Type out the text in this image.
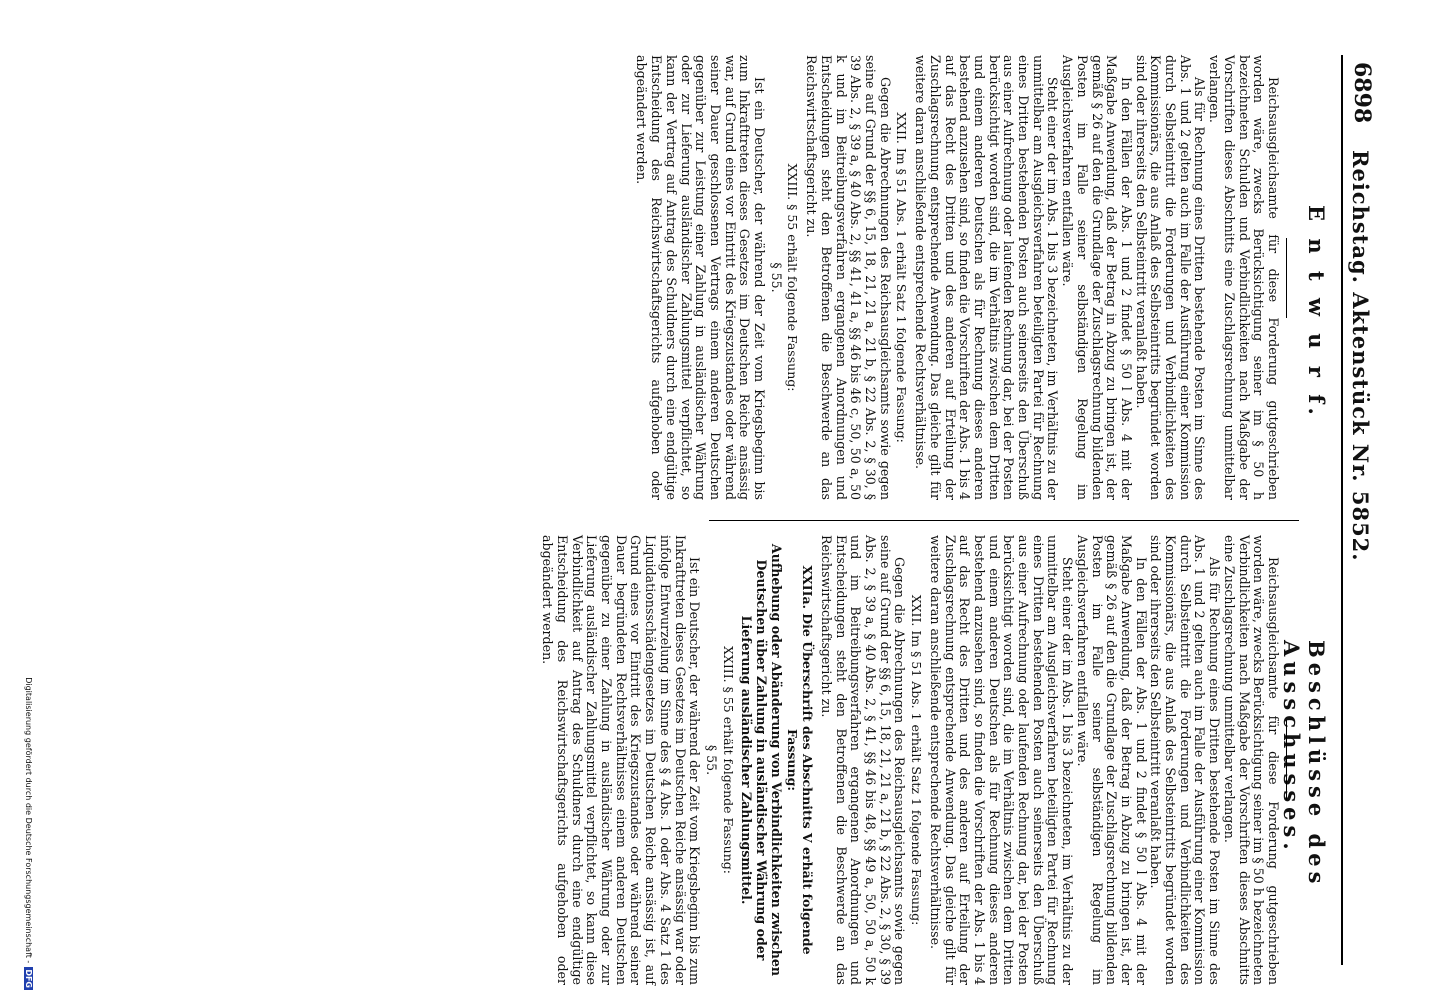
6898
Reichstag. Aktenstück Nr. 5852.
E n t w u r f.
Beschlüsse des Ausschusses.

Reichsausgleichsamte für diese Forderung gutgeschrieben worden wäre, zwecks Berücksichtigung seiner im § 50 h bezeichneten Schulden und Verbindlichkeiten nach Maßgabe der Vorschriften dieses Abschnitts eine Zuschlagsrechnung unmittelbar verlangen.

Als für Rechnung eines Dritten bestehende Posten im Sinne des Abs. 1 und 2 gelten auch im Falle der Ausführung einer Kommission durch Selbsteintritt die Forderungen und Verbindlichkeiten des Kommissionärs, die aus Anlaß des Selbsteintritts begründet worden sind oder ihrerseits den Selbsteintritt veranlaßt haben.

In den Fällen der Abs. 1 und 2 findet § 50 l Abs. 4 mit der Maßgabe Anwendung, daß der Betrag in Abzug zu bringen ist, der gemäß § 26 auf den die Grundlage der Zuschlagsrechnung bildenden Posten im Falle seiner selbständigen Regelung im Ausgleichsverfahren entfallen wäre.

Steht einer der im Abs. 1 bis 3 bezeichneten, im Verhältnis zu der unmittelbar am Ausgleichsverfahren beteiligten Partei für Rechnung eines Dritten bestehenden Posten auch seinerseits den Überschuß aus einer Aufrechnung oder laufenden Rechnung dar, bei der Posten berücksichtigt worden sind, die im Verhältnis zwischen dem Dritten und einem anderen Deutschen als für Rechnung dieses anderen bestehend anzusehen sind, so finden die Vorschriften der Abs. 1 bis 4 auf das Recht des Dritten und des anderen auf Erteilung der Zuschlagsrechnung entsprechende Anwendung. Das gleiche gilt für weitere daran anschließende entsprechende Rechtsverhältnisse.

XXII. Im § 51 Abs. 1 erhält Satz 1 folgende Fassung:

Gegen die Abrechnungen des Reichsausgleichsamts sowie gegen seine auf Grund der §§ 6, 15, 18, 21, 21 a, 21 b, § 22 Abs. 2, § 30, § 39 Abs. 2, § 39 a, § 40 Abs. 2, §§ 41, 41 a, §§ 46 bis 46 c, 50, 50 a, 50 k und im Beitreibungsverfahren ergangenen Anordnungen und Entscheidungen steht den Betroffenen die Beschwerde an das Reichswirtschaftsgericht zu.

XXIII. § 55 erhält folgende Fassung:

§ 55.

Ist ein Deutscher, der während der Zeit vom Kriegsbeginn bis zum Inkrafttreten dieses Gesetzes im Deutschen Reiche ansässig war, auf Grund eines vor Eintritt des Kriegszustandes oder während seiner Dauer geschlossenen Vertrags einem anderen Deutschen gegenüber zur Leistung einer Zahlung in ausländischer Währung oder zur Lieferung ausländischer Zahlungsmittel verpflichtet, so kann der Vertrag auf Antrag des Schuldners durch eine endgültige Entscheidung des Reichswirtschaftsgerichts aufgehoben oder abgeändert werden.

Reichsausgleichsamte für diese Forderung gutgeschrieben worden wäre, zwecks Berücksichtigung seiner im § 50 h bezeichneten Verbindlichkeiten nach Maßgabe der Vorschriften dieses Abschnitts eine Zuschlagsrechnung unmittelbar verlangen.

Als für Rechnung eines Dritten bestehende Posten im Sinne des Abs. 1 und 2 gelten auch im Falle der Ausführung einer Kommission durch Selbsteintritt die Forderungen und Verbindlichkeiten des Kommissionärs, die aus Anlaß des Selbsteintritts begründet worden sind oder ihrerseits den Selbsteintritt veranlaßt haben.

In den Fällen der Abs. 1 und 2 findet § 50 l Abs. 4 mit der Maßgabe Anwendung, daß der Betrag in Abzug zu bringen ist, der gemäß § 26 auf den die Grundlage der Zuschlagsrechnung bildenden Posten im Falle seiner selbständigen Regelung im Ausgleichsverfahren entfallen wäre.

Steht einer der im Abs. 1 bis 3 bezeichneten, im Verhältnis zu der unmittelbar am Ausgleichsverfahren beteiligten Partei für Rechnung eines Dritten bestehenden Posten auch seinerseits den Überschuß aus einer Aufrechnung oder laufenden Rechnung dar, bei der Posten berücksichtigt worden sind, die im Verhältnis zwischen dem Dritten und einem anderen Deutschen als für Rechnung dieses anderen bestehend anzusehen sind, so finden die Vorschriften der Abs. 1 bis 4 auf das Recht des Dritten und des anderen auf Erteilung der Zuschlagsrechnung entsprechende Anwendung. Das gleiche gilt für weitere daran anschließende entsprechende Rechtsverhältnisse.

XXII. Im § 51 Abs. 1 erhält Satz 1 folgende Fassung:

Gegen die Abrechnungen des Reichsausgleichsamts sowie gegen seine auf Grund der §§ 6, 15, 18, 21, 21 a, 21 b, § 22 Abs. 2, § 30, § 39 Abs. 2, § 39 a, § 40 Abs. 2, § 41, §§ 46 bis 48, §§ 49 a, 50, 50 a, 50 k und im Beitreibungsverfahren ergangenen Anordnungen und Entscheidungen steht den Betroffenen die Beschwerde an das Reichswirtschaftsgericht zu.

XXIIa. Die Überschrift des Abschnitts V erhält folgende Fassung:

Aufhebung oder Abänderung von Verbindlichkeiten zwischen Deutschen über Zahlung in ausländischer Währung oder Lieferung ausländischer Zahlungsmittel.

XXIII. § 55 erhält folgende Fassung:

§ 55.

Ist ein Deutscher, der während der Zeit vom Kriegsbeginn bis zum Inkrafttreten dieses Gesetzes im Deutschen Reiche ansässig war oder infolge Entwurzelung im Sinne des § 4 Abs. 1 oder Abs. 4 Satz 1 des Liquidationsschädengesetzes im Deutschen Reiche ansässig ist, auf Grund eines vor Eintritt des Kriegszustandes oder während seiner Dauer begründeten Rechtsverhältnisses einem anderen Deutschen gegenüber zu einer Zahlung in ausländischer Währung oder zur Lieferung ausländischer Zahlungsmittel verpflichtet, so kann diese Verbindlichkeit auf Antrag des Schuldners durch eine endgültige Entscheidung des Reichswirtschaftsgerichts aufgehoben oder abgeändert werden.

Digitalisierung gefördert durch die Deutsche Forschungsgemeinschaft -
DFG
